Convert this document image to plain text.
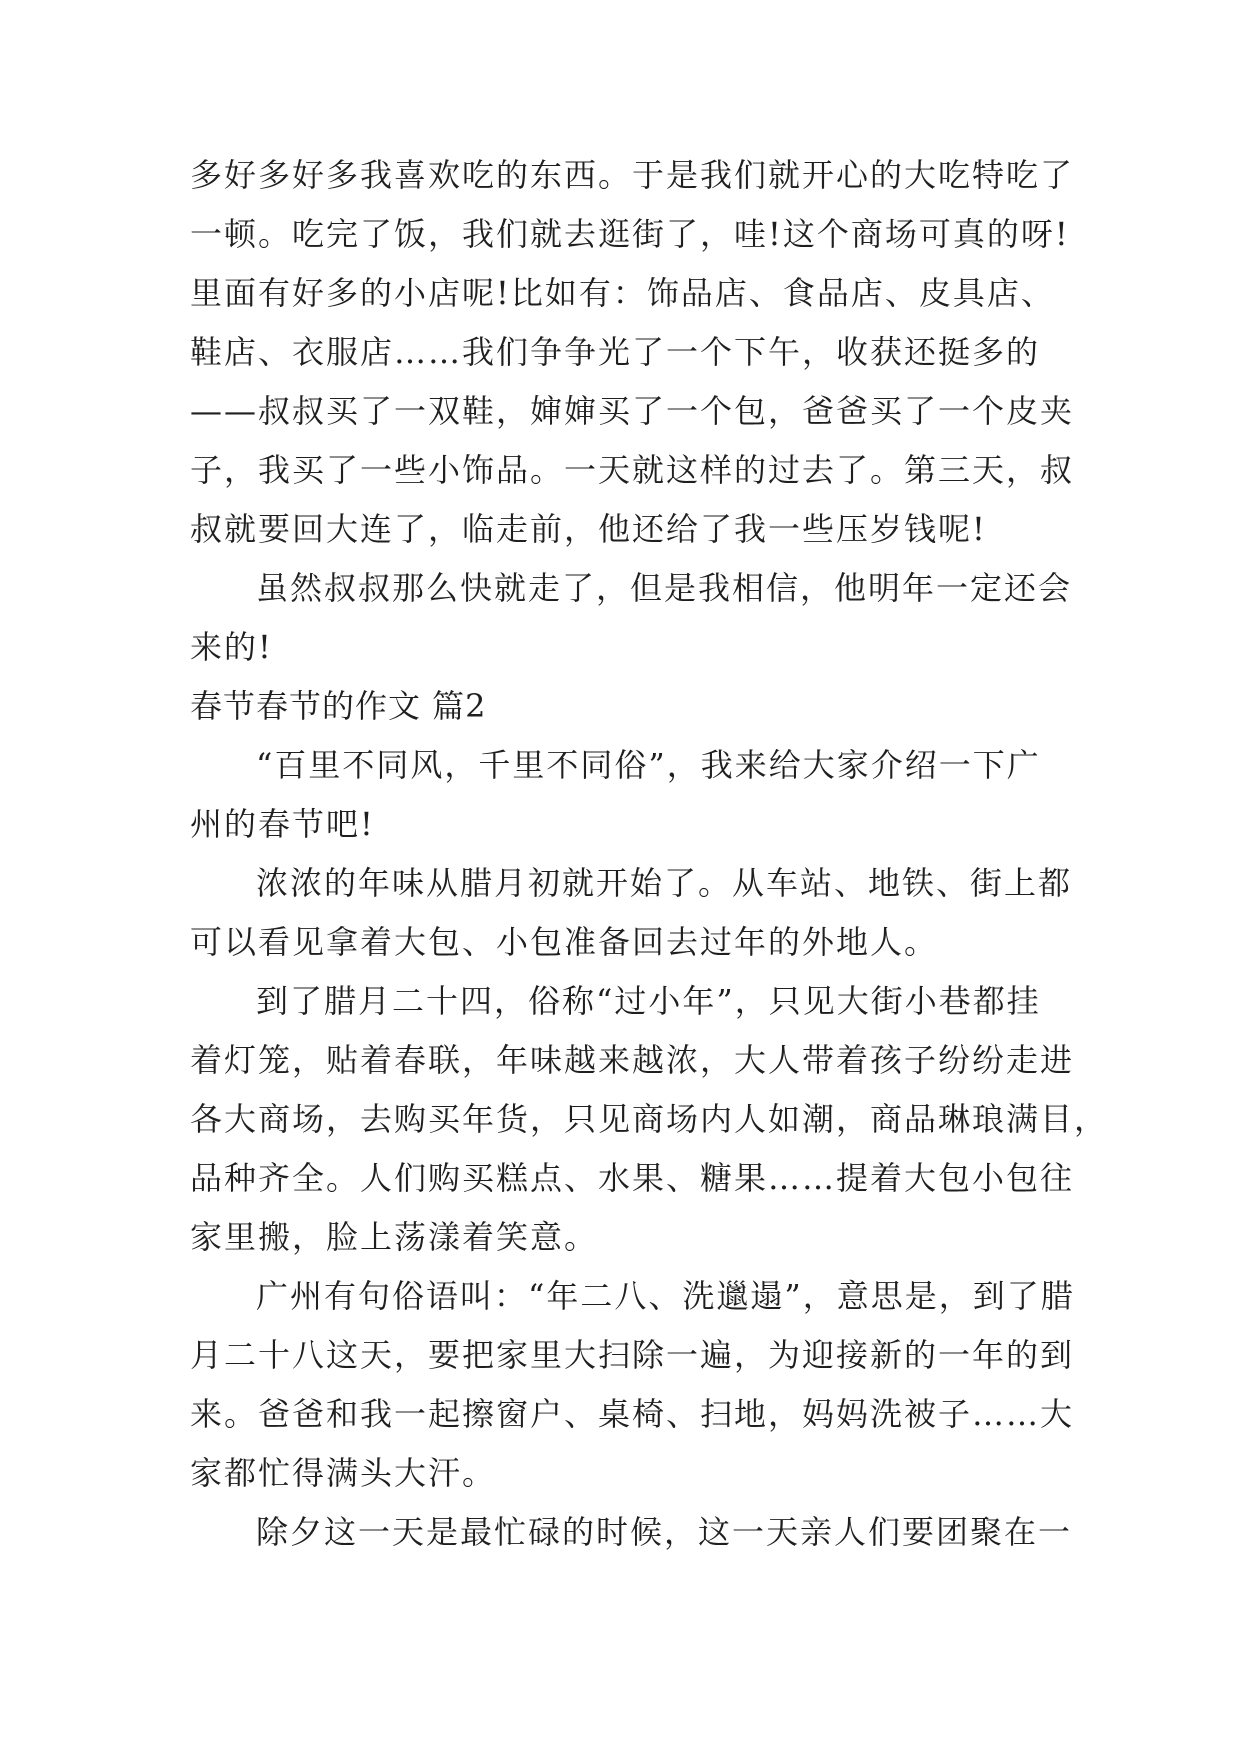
多好多好多我喜欢吃的东西。于是我们就开心的大吃特吃了
一顿。吃完了饭，我们就去逛街了，哇!这个商场可真的呀!
里面有好多的小店呢!比如有：饰品店、食品店、皮具店、
鞋店、衣服店……我们争争光了一个下午，收获还挺多的
——叔叔买了一双鞋，婶婶买了一个包，爸爸买了一个皮夹
子，我买了一些小饰品。一天就这样的过去了。第三天，叔
叔就要回大连了，临走前，他还给了我一些压岁钱呢!
虽然叔叔那么快就走了，但是我相信，他明年一定还会
来的!
春节春节的作文 篇2
“百里不同风，千里不同俗”，我来给大家介绍一下广
州的春节吧!
浓浓的年味从腊月初就开始了。从车站、地铁、街上都
可以看见拿着大包、小包准备回去过年的外地人。
到了腊月二十四，俗称“过小年”，只见大街小巷都挂
着灯笼，贴着春联，年味越来越浓，大人带着孩子纷纷走进
各大商场，去购买年货，只见商场内人如潮，商品琳琅满目，
品种齐全。人们购买糕点、水果、糖果……提着大包小包往
家里搬，脸上荡漾着笑意。
广州有句俗语叫：“年二八、洗邋遢”，意思是，到了腊
月二十八这天，要把家里大扫除一遍，为迎接新的一年的到
来。爸爸和我一起擦窗户、桌椅、扫地，妈妈洗被子……大
家都忙得满头大汗。
除夕这一天是最忙碌的时候，这一天亲人们要团聚在一
